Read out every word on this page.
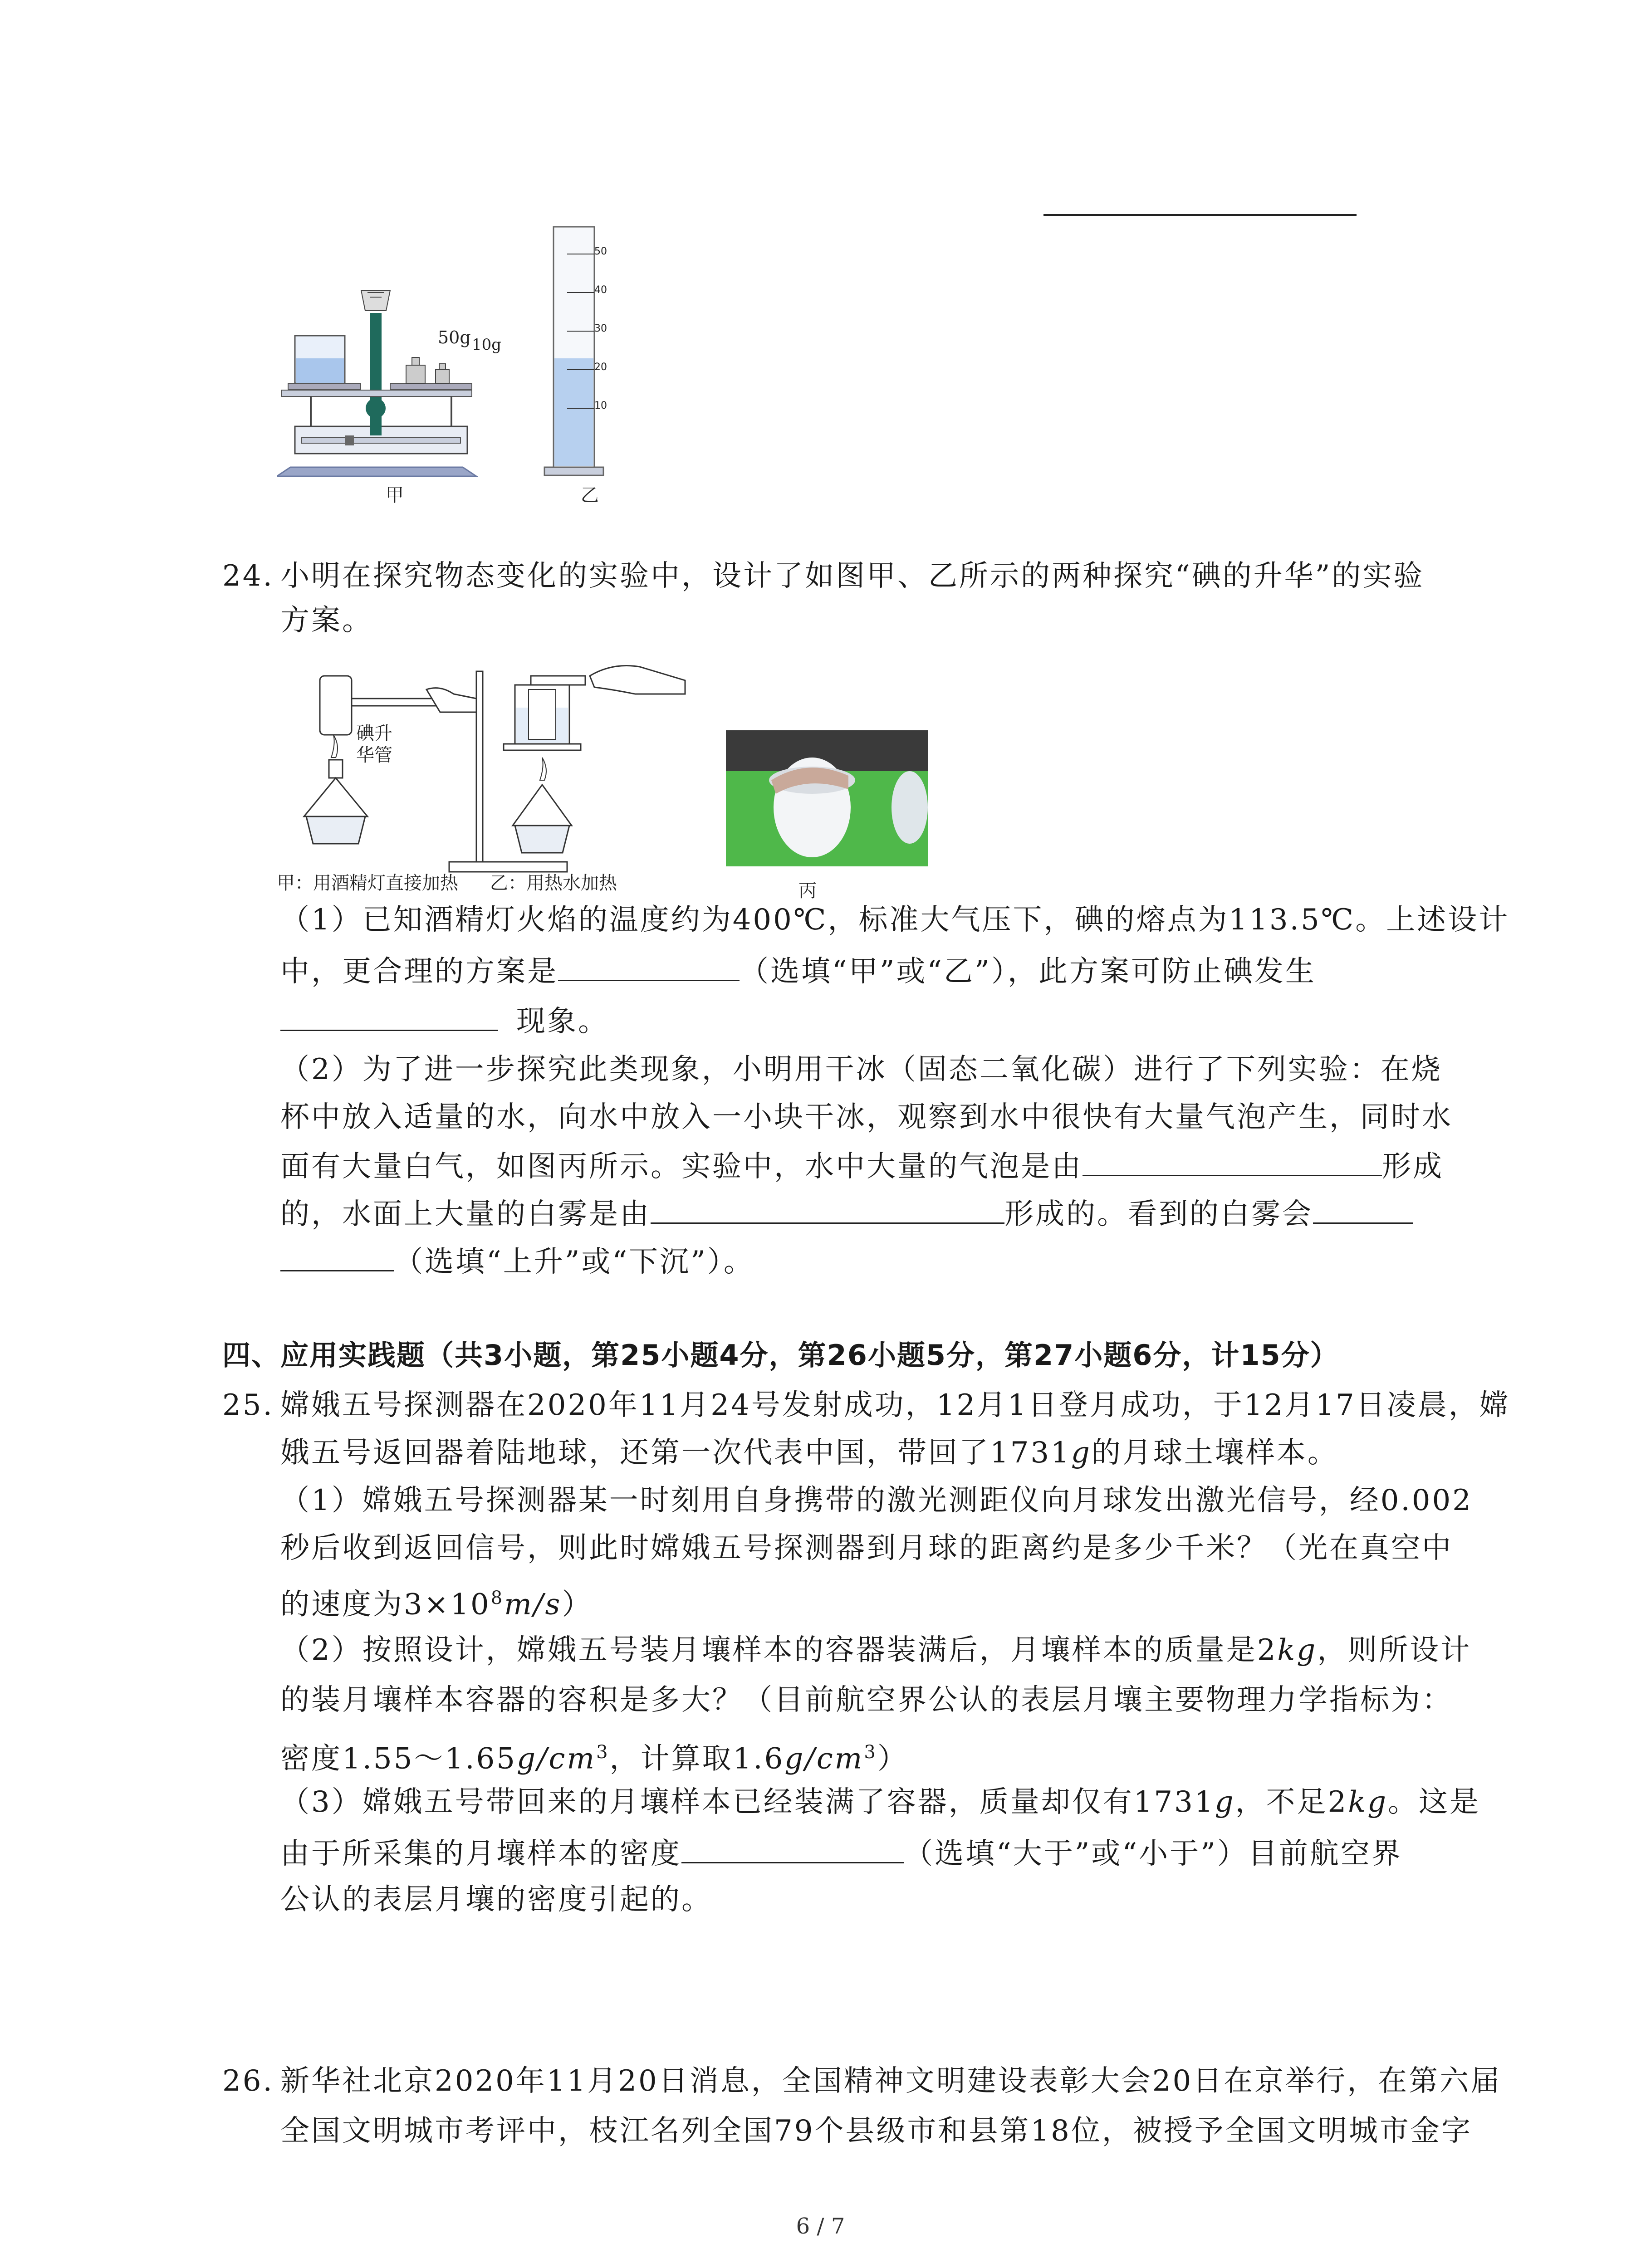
50g 10g
50
40
30
20
10
甲	乙
24. 小明在探究物态变化的实验中，设计了如图甲、乙所示的两种探究“碘的升华”的实验
方案。
碘升
华管
甲：用酒精灯直接加热 乙：用热水加热	丙
（1）已知酒精灯火焰的温度约为400℃，标准大气压下，碘的熔点为113.5℃。上述设计
中，更合理的方案是	（选填“甲”或“乙”），此方案可防止碘发生
现象。
（2）为了进一步探究此类现象，小明用干冰（固态二氧化碳）进行了下列实验：在烧
杯中放入适量的水，向水中放入一小块干冰，观察到水中很快有大量气泡产生，同时水
面有大量白气，如图丙所示。实验中，水中大量的气泡是由	形成
的，水面上大量的白雾是由	形成的。看到的白雾会
（选填“上升”或“下沉”）。
四、应用实践题（共3小题，第25小题4分，第26小题5分，第27小题6分，计15分）
25. 嫦娥五号探测器在2020年11月24号发射成功，12月1日登月成功，于12月17日凌晨，嫦
娥五号返回器着陆地球，还第一次代表中国，带回了1731g的月球土壤样本。
（1）嫦娥五号探测器某一时刻用自身携带的激光测距仪向月球发出激光信号，经0.002
秒后收到返回信号，则此时嫦娥五号探测器到月球的距离约是多少千米？（光在真空中
的速度为$3\times 10^8m/s$）
（2）按照设计，嫦娥五号装月壤样本的容器装满后，月壤样本的质量是2kg，则所设计
的装月壤样本容器的容积是多大？（目前航空界公认的表层月壤主要物理力学指标为：
密度$1.55\sim 1.65g/cm^3$，计算取$1.6g/cm^3$）
（3）嫦娥五号带回来的月壤样本已经装满了容器，质量却仅有1731g，不足2kg。这是
由于所采集的月壤样本的密度	（选填“大于”或“小于”）目前航空界
公认的表层月壤的密度引起的。
26. 新华社北京2020年11月20日消息，全国精神文明建设表彰大会20日在京举行，在第六届
全国文明城市考评中，枝江名列全国79个县级市和县第18位，被授予全国文明城市金字
6 / 7
